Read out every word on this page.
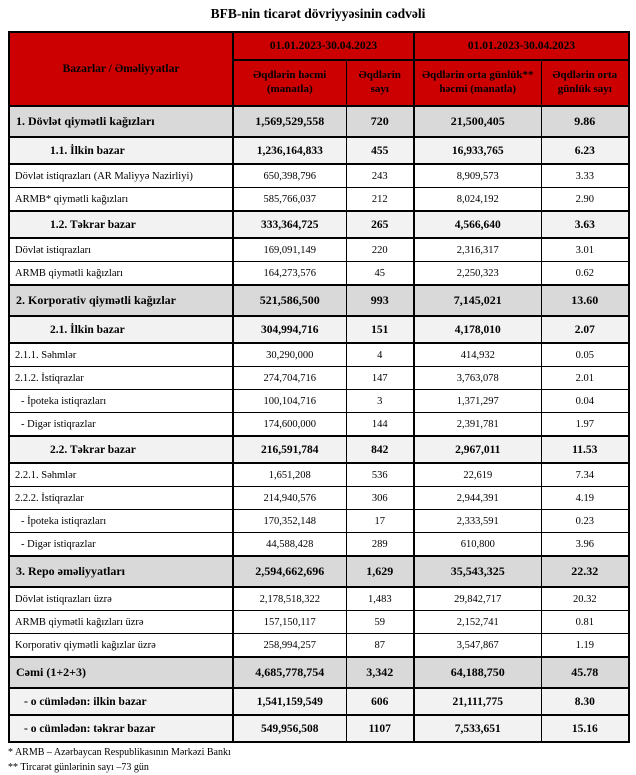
BFB-nin ticarət dövriyyəsinin cədvəli
Bazarlar / Əməliyyatlar	01.01.2023-30.04.2023		01.01.2023-30.04.2023	
	Əqdlərin həcmi (manatla)	Əqdlərin sayı	Əqdlərin orta günlük** həcmi (manatla)	Əqdlərin orta günlük sayı
1. Dövlət qiymətli kağızları	1,569,529,558	720	21,500,405	9.86
1.1. İlkin bazar	1,236,164,833	455	16,933,765	6.23
Dövlət istiqrazları (AR Maliyyə Nazirliyi)	650,398,796	243	8,909,573	3.33
ARMB* qiymətli kağızları	585,766,037	212	8,024,192	2.90
1.2. Təkrar bazar	333,364,725	265	4,566,640	3.63
Dövlət istiqrazları	169,091,149	220	2,316,317	3.01
ARMB qiymətli kağızları	164,273,576	45	2,250,323	0.62
2. Korporativ qiymətli kağızlar	521,586,500	993	7,145,021	13.60
2.1. İlkin bazar	304,994,716	151	4,178,010	2.07
2.1.1. Səhmlər	30,290,000	4	414,932	0.05
2.1.2. İstiqrazlar	274,704,716	147	3,763,078	2.01
- İpoteka istiqrazları	100,104,716	3	1,371,297	0.04
- Digər istiqrazlar	174,600,000	144	2,391,781	1.97
2.2. Təkrar bazar	216,591,784	842	2,967,011	11.53
2.2.1. Səhmlər	1,651,208	536	22,619	7.34
2.2.2. İstiqrazlar	214,940,576	306	2,944,391	4.19
- İpoteka istiqrazları	170,352,148	17	2,333,591	0.23
- Digər istiqrazlar	44,588,428	289	610,800	3.96
3. Repo əməliyyatları	2,594,662,696	1,629	35,543,325	22.32
Dövlət istiqrazları üzrə	2,178,518,322	1,483	29,842,717	20.32
ARMB qiymətli kağızları üzrə	157,150,117	59	2,152,741	0.81
Korporativ qiymətli kağızlar üzrə	258,994,257	87	3,547,867	1.19
Cəmi (1+2+3)	4,685,778,754	3,342	64,188,750	45.78
- o cümlədən: ilkin bazar	1,541,159,549	606	21,111,775	8.30
- o cümlədən: təkrar bazar	549,956,508	1107	7,533,651	15.16
* ARMB – Azərbaycan Respublikasının Mərkəzi Bankı
** Tircarət günlərinin sayı –73 gün
